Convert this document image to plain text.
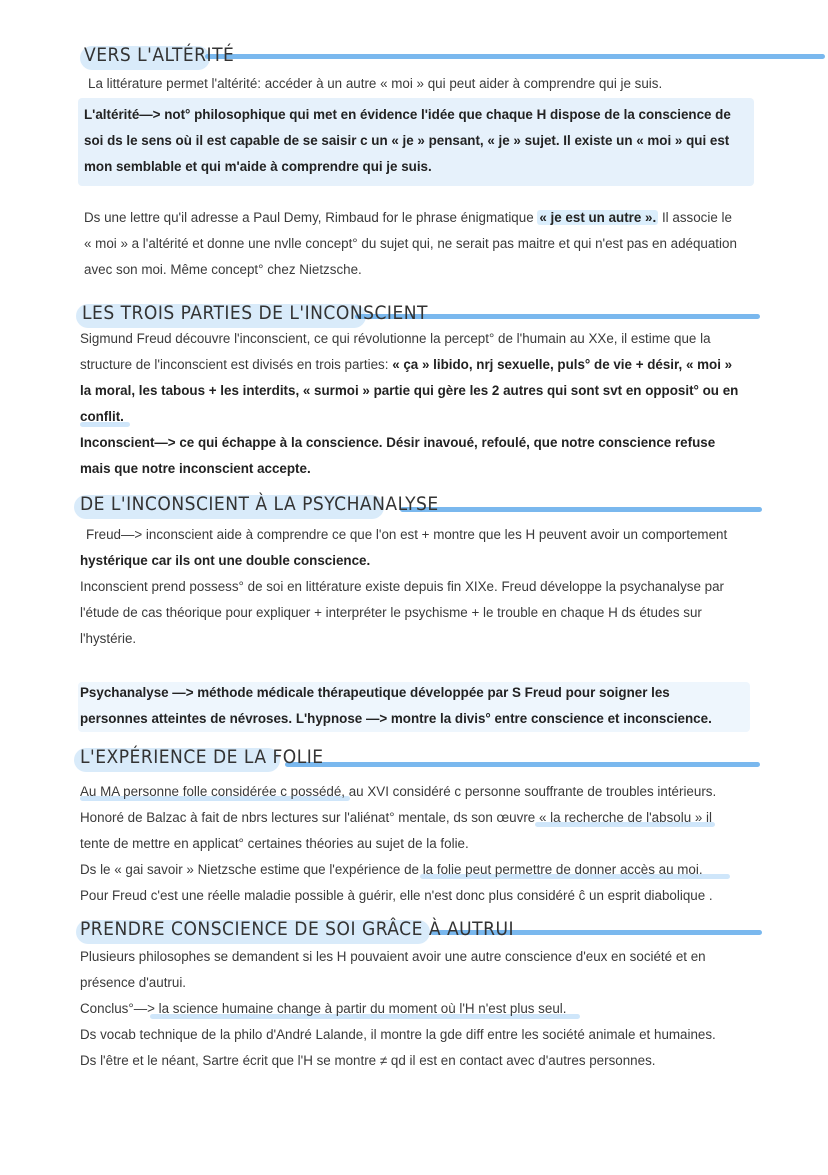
VERS L'ALTÉRITÉ
La littérature permet l'altérité: accéder à un autre « moi » qui peut aider à comprendre qui je suis.

L'altérité—> not° philosophique qui met en évidence l'idée que chaque H dispose de la conscience de

soi ds le sens où il est capable de se saisir c un « je » pensant, « je » sujet. Il existe un « moi » qui est

mon semblable et qui m'aide à comprendre qui je suis.

Ds une lettre qu'il adresse a Paul Demy, Rimbaud for le phrase énigmatique « je est un autre ». Il associe le

« moi » a l'altérité et donne une nvlle concept° du sujet qui, ne serait pas maitre et qui n'est pas en adéquation

avec son moi. Même concept° chez Nietzsche.

LES TROIS PARTIES DE L'INCONSCIENT

Sigmund Freud découvre l'inconscient, ce qui révolutionne la percept° de l'humain au XXe, il estime que la

structure de l'inconscient est divisés en trois parties: « ça » libido, nrj sexuelle, puls° de vie + désir, « moi »

la moral, les tabous + les interdits, « surmoi » partie qui gère les 2 autres qui sont svt en opposit° ou en

conflit.

Inconscient—> ce qui échappe à la conscience. Désir inavoué, refoulé, que notre conscience refuse

mais que notre inconscient accepte.

DE L'INCONSCIENT À LA PSYCHANALYSE

Freud—> inconscient aide à comprendre ce que l'on est + montre que les H peuvent avoir un comportement

hystérique car ils ont une double conscience.

Inconscient prend possess° de soi en littérature existe depuis fin XIXe. Freud développe la psychanalyse par

l'étude de cas théorique pour expliquer + interpréter le psychisme + le trouble en chaque H ds études sur

l'hystérie.

Psychanalyse —> méthode médicale thérapeutique développée par S Freud pour soigner les

personnes atteintes de névroses. L'hypnose —> montre la divis° entre conscience et inconscience.

L'EXPÉRIENCE DE LA FOLIE

Au MA personne folle considérée c possédé, au XVI considéré c personne souffrante de troubles intérieurs.

Honoré de Balzac à fait de nbrs lectures sur l'aliénat° mentale, ds son œuvre « la recherche de l'absolu » il

tente de mettre en applicat° certaines théories au sujet de la folie.

Ds le « gai savoir » Nietzsche estime que l'expérience de la folie peut permettre de donner accès au moi.

Pour Freud c'est une réelle maladie possible à guérir, elle n'est donc plus considéré ĉ un esprit diabolique .

PRENDRE CONSCIENCE DE SOI GRÂCE À AUTRUI

Plusieurs philosophes se demandent si les H pouvaient avoir une autre conscience d'eux en société et en

présence d'autrui.

Conclus°—> la science humaine change à partir du moment où l'H n'est plus seul.

Ds vocab technique de la philo d'André Lalande, il montre la gde diff entre les société animale et humaines.

Ds l'être et le néant, Sartre écrit que l'H se montre ≠ qd il est en contact avec d'autres personnes.
